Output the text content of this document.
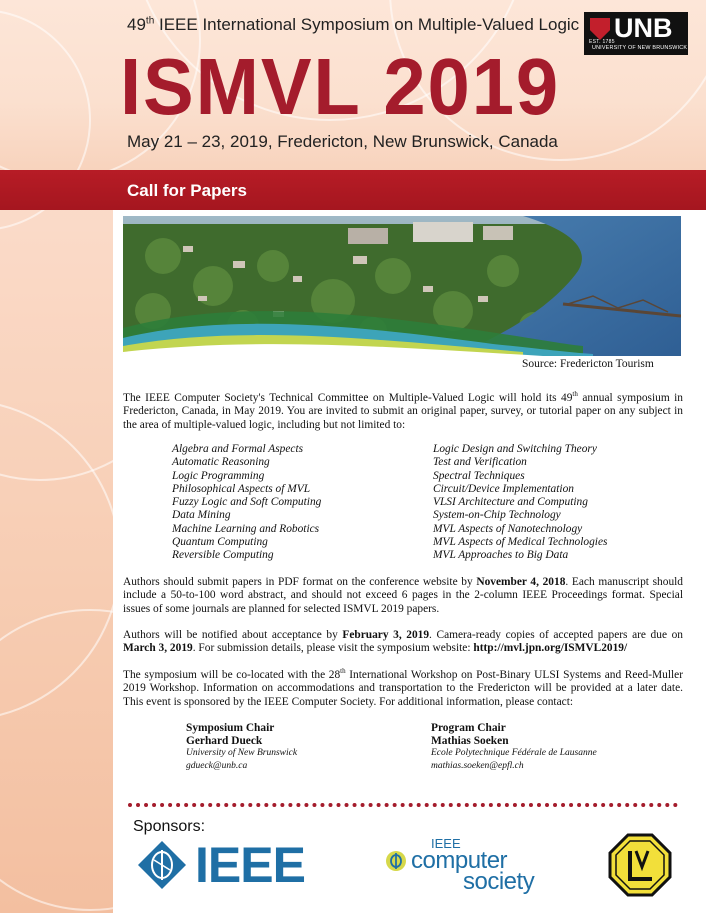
49th IEEE International Symposium on Multiple-Valued Logic
ISMVL 2019
May 21 – 23, 2019, Fredericton, New Brunswick, Canada
EST. 1785 UNB
UNIVERSITY OF NEW BRUNSWICK
Call for Papers
Source: Fredericton Tourism

The IEEE Computer Society's Technical Committee on Multiple-Valued Logic will hold its 49th annual symposium in Fredericton, Canada, in May 2019. You are invited to submit an original paper, survey, or tutorial paper on any subject in the area of multiple-valued logic, including but not limited to:

Algebra and Formal Aspects
Automatic Reasoning
Logic Programming
Philosophical Aspects of MVL
Fuzzy Logic and Soft Computing
Data Mining
Machine Learning and Robotics
Quantum Computing
Reversible Computing
Logic Design and Switching Theory
Test and Verification
Spectral Techniques
Circuit/Device Implementation
VLSI Architecture and Computing
System-on-Chip Technology
MVL Aspects of Nanotechnology
MVL Aspects of Medical Technologies
MVL Approaches to Big Data

Authors should submit papers in PDF format on the conference website by November 4, 2018. Each manuscript should include a 50-to-100 word abstract, and should not exceed 6 pages in the 2-column IEEE Proceedings format. Special issues of some journals are planned for selected ISMVL 2019 papers.

Authors will be notified about acceptance by February 3, 2019. Camera-ready copies of accepted papers are due on March 3, 2019. For submission details, please visit the symposium website: http://mvl.jpn.org/ISMVL2019/

The symposium will be co-located with the 28th International Workshop on Post-Binary ULSI Systems and Reed-Muller 2019 Workshop. Information on accommodations and transportation to the Fredericton will be provided at a later date. This event is sponsored by the IEEE Computer Society. For additional information, please contact:

Symposium Chair
Gerhard Dueck
University of New Brunswick
gdueck@unb.ca
Program Chair
Mathias Soeken
Ecole Polytechnique Fédérale de Lausanne
mathias.soeken@epfl.ch
Sponsors:
IEEE	IEEE
computer
society
